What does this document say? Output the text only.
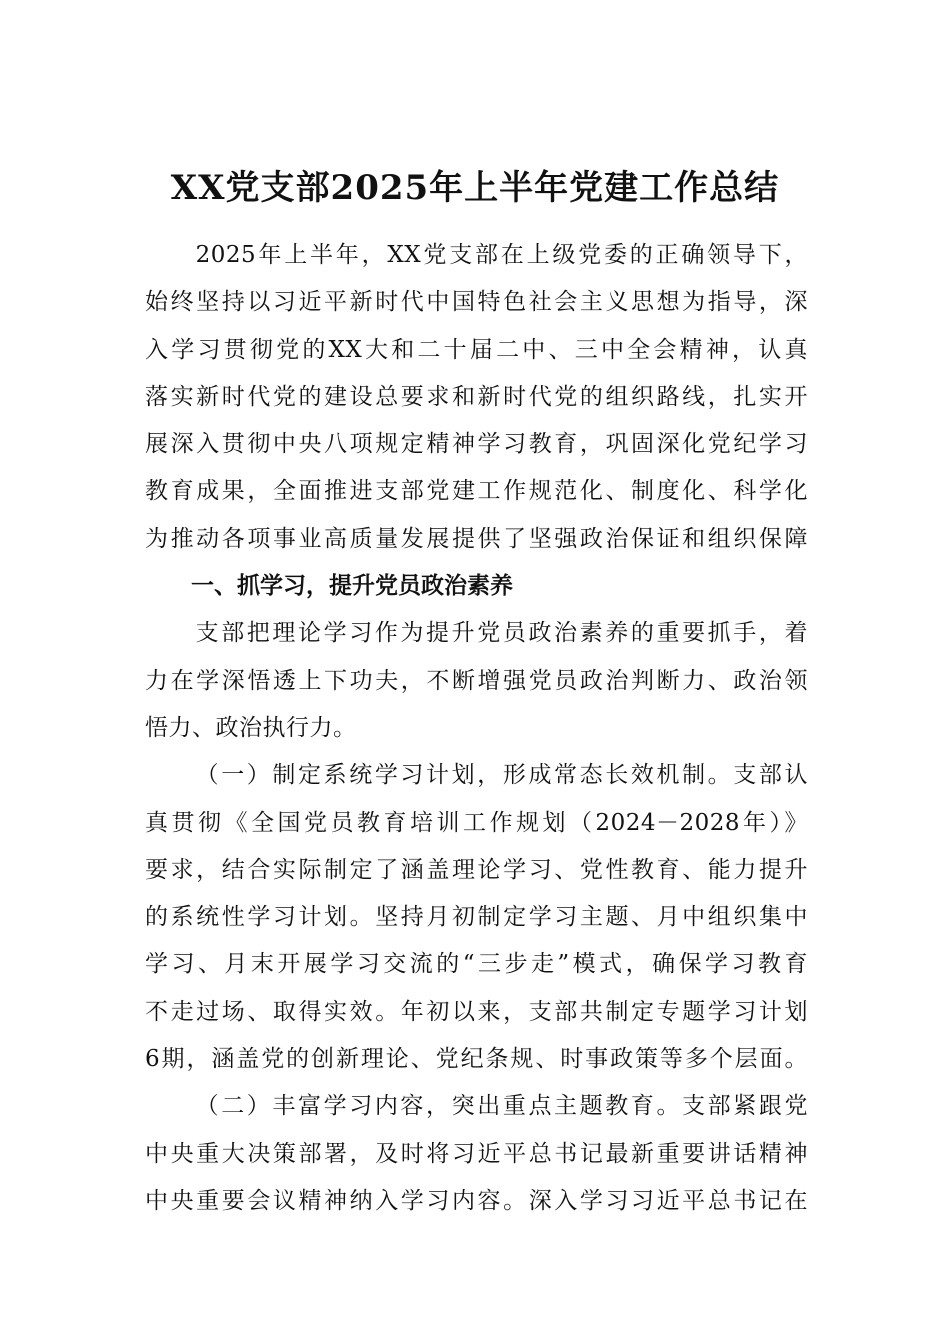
XX党支部2025年上半年党建工作总结
2025年上半年，XX党支部在上级党委的正确领导下，
始终坚持以习近平新时代中国特色社会主义思想为指导，深
入学习贯彻党的XX大和二十届二中、三中全会精神，认真
落实新时代党的建设总要求和新时代党的组织路线，扎实开
展深入贯彻中央八项规定精神学习教育，巩固深化党纪学习
教育成果，全面推进支部党建工作规范化、制度化、科学化
为推动各项事业高质量发展提供了坚强政治保证和组织保障
一、抓学习，提升党员政治素养
支部把理论学习作为提升党员政治素养的重要抓手，着
力在学深悟透上下功夫，不断增强党员政治判断力、政治领
悟力、政治执行力。
（一）制定系统学习计划，形成常态长效机制。支部认
真贯彻《全国党员教育培训工作规划（2024－2028年）》
要求，结合实际制定了涵盖理论学习、党性教育、能力提升
的系统性学习计划。坚持月初制定学习主题、月中组织集中
学习、月末开展学习交流的“三步走”模式，确保学习教育
不走过场、取得实效。年初以来，支部共制定专题学习计划
6期，涵盖党的创新理论、党纪条规、时事政策等多个层面。
（二）丰富学习内容，突出重点主题教育。支部紧跟党
中央重大决策部署，及时将习近平总书记最新重要讲话精神
中央重要会议精神纳入学习内容。深入学习习近平总书记在
